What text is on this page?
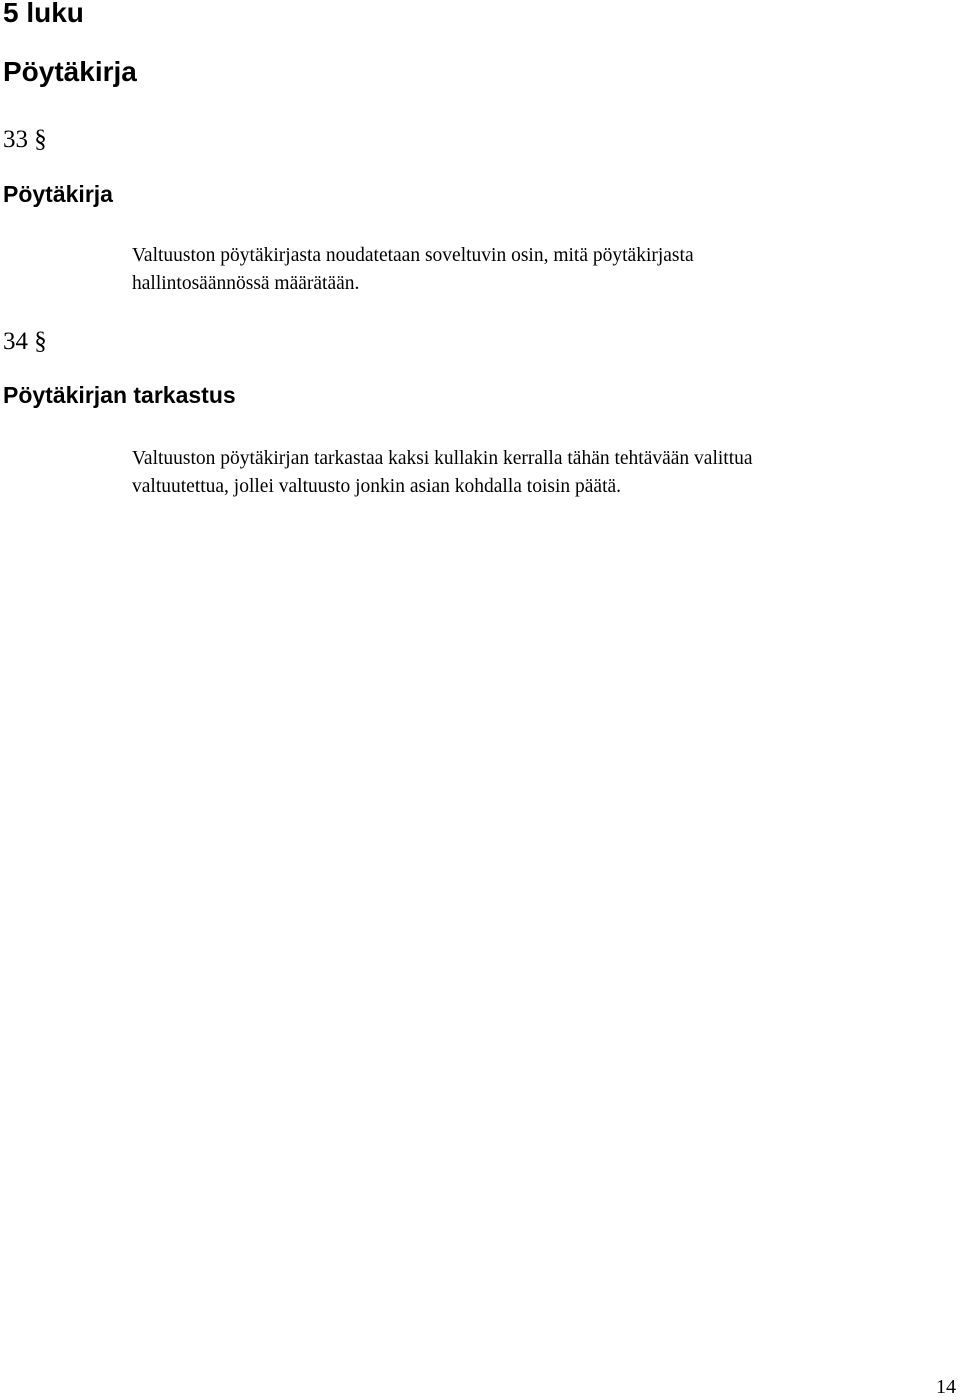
5 luku
Pöytäkirja
33 §
Pöytäkirja

Valtuuston pöytäkirjasta noudatetaan soveltuvin osin, mitä pöytäkirjasta
hallintosäännössä määrätään.

34 §
Pöytäkirjan tarkastus

Valtuuston pöytäkirjan tarkastaa kaksi kullakin kerralla tähän tehtävään valittua
valtuutettua, jollei valtuusto jonkin asian kohdalla toisin päätä.

14
